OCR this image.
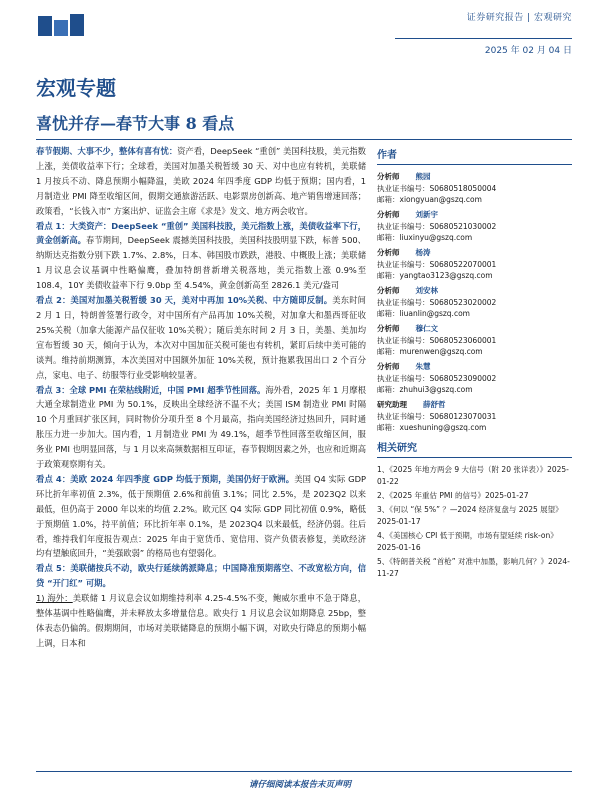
证券研究报告 | 宏观研究
2025 年 02 月 04 日
宏观专题
喜忧并存—春节大事 8 看点

春节假期、大事不少，整体有喜有忧：资产看，DeepSeek “重创” 美国科技股，美元指数上涨，美债收益率下行；全球看，美国对加墨关税暂缓 30 天、对中也应有转机，美联储 1 月按兵不动、降息预期小幅降温，美欧 2024 年四季度 GDP 均低于预期；国内看，1 月制造业 PMI 降至收缩区间，假期交通旅游活跃、电影票房创新高、地产销售增速回落；政策看，“长钱入市” 方案出炉、证监会主席《求是》发文、地方两会收官。

看点 1：大类资产：DeepSeek “重创” 美国科技股，美元指数上涨，美债收益率下行，黄金创新高。春节期间，DeepSeek 震撼美国科技股，美国科技股明显下跌，标普 500、纳斯达克指数分别下跌 1.7%、2.8%，日本、韩国股市跌跌，港股、中概股上涨；美联储 1 月议息会议基调中性略偏鹰，叠加特朗普新增关税落地，美元指数上涨 0.9%至 108.4，10Y 美债收益率下行 9.0bp 至 4.54%，黄金创新高至 2826.1 美元/盎司

看点 2：美国对加墨关税暂缓 30 天，美对中再加 10%关税、中方随即反制。美东时间 2 月 1 日，特朗普签署行政令，对中国所有产品再加 10%关税，对加拿大和墨西哥征收 25%关税（加拿大能源产品仅征收 10%关税）；随后美东时间 2 月 3 日，美墨、美加均宣布暂缓 30 天，倾向于认为，本次对中国加征关税可能也有转机，紧盯后续中美可能的谈判。维持前期测算，本次美国对中国额外加征 10%关税，预计拖累我国出口 2 个百分点，家电、电子、纺服等行业受影响较显著。

看点 3：全球 PMI 在荣枯线附近，中国 PMI 超季节性回落。海外看，2025 年 1 月摩根大通全球制造业 PMI 为 50.1%，反映出全球经济不温不火；美国 ISM 制造业 PMI 时隔 10 个月重回扩张区间，同时物价分项升至 8 个月最高，指向美国经济过热回升，同时通胀压力进一步加大。国内看，1 月制造业 PMI 为 49.1%，超季节性回落至收缩区间，服务业 PMI 也明显回落，与 1 月以来高频数据相互印证，春节假期因素之外，也应和近期高于政策观察期有关。

看点 4：美欧 2024 年四季度 GDP 均低于预期，美国仍好于欧洲。美国 Q4 实际 GDP 环比折年率初值 2.3%，低于预期值 2.6%和前值 3.1%；同比 2.5%，是 2023Q2 以来最低，但仍高于 2000 年以来的均值 2.2%。欧元区 Q4 实际 GDP 同比初值 0.9%，略低于预期值 1.0%，持平前值；环比折年率 0.1%，是 2023Q4 以来最低，经济仍弱。往后看，维持我们年度报告观点：2025 年由于宽货币、宽信用、资产负债表修复，美欧经济均有望触底回升，“美强欧弱” 的格局也有望弱化。

看点 5：美联储按兵不动，欧央行延续鸽派降息；中国降准预期落空、不改宽松方向，信贷 “开门红” 可期。

1) 海外：美联储 1 月议息会议如期维持利率 4.25-4.5%不变，鲍威尔重申不急于降息，整体基调中性略偏鹰，并未释放太多增量信息。欧央行 1 月议息会议如期降息 25bp，整体表态仍偏鸽。假期期间，市场对美联储降息的预期小幅下调，对欧央行降息的预期小幅上调，日本和

作者
分析师 熊园
执业证书编号：S0680518050004
邮箱：xiongyuan@gszq.com
分析师 刘新宇
执业证书编号：S0680521030002
邮箱：liuxinyu@gszq.com
分析师 杨涛
执业证书编号：S0680522070001
邮箱：yangtao3123@gszq.com
分析师 刘安林
执业证书编号：S0680523020002
邮箱：liuanlin@gszq.com
分析师 穆仁文
执业证书编号：S0680523060001
邮箱：murenwen@gszq.com
分析师 朱慧
执业证书编号：S0680523090002
邮箱：zhuhui3@gszq.com
研究助理 薛舒哲
执业证书编号：S0680123070031
邮箱：xueshuning@gszq.com
相关研究
1、《2025 年地方两会 9 大信号（附 20 张详表）》2025-01-22
2、《2025 年重估 PMI 的信号》2025-01-27
3、《何以 “保 5%” ？—2024 经济复盘与 2025 展望》2025-01-17
4、《美国核心 CPI 低于预期，市场有望延续 risk-on》2025-01-16
5、《特朗普关税 “首枪” 对准中加墨，影响几何？》2024-11-27
请仔细阅读本报告末页声明
